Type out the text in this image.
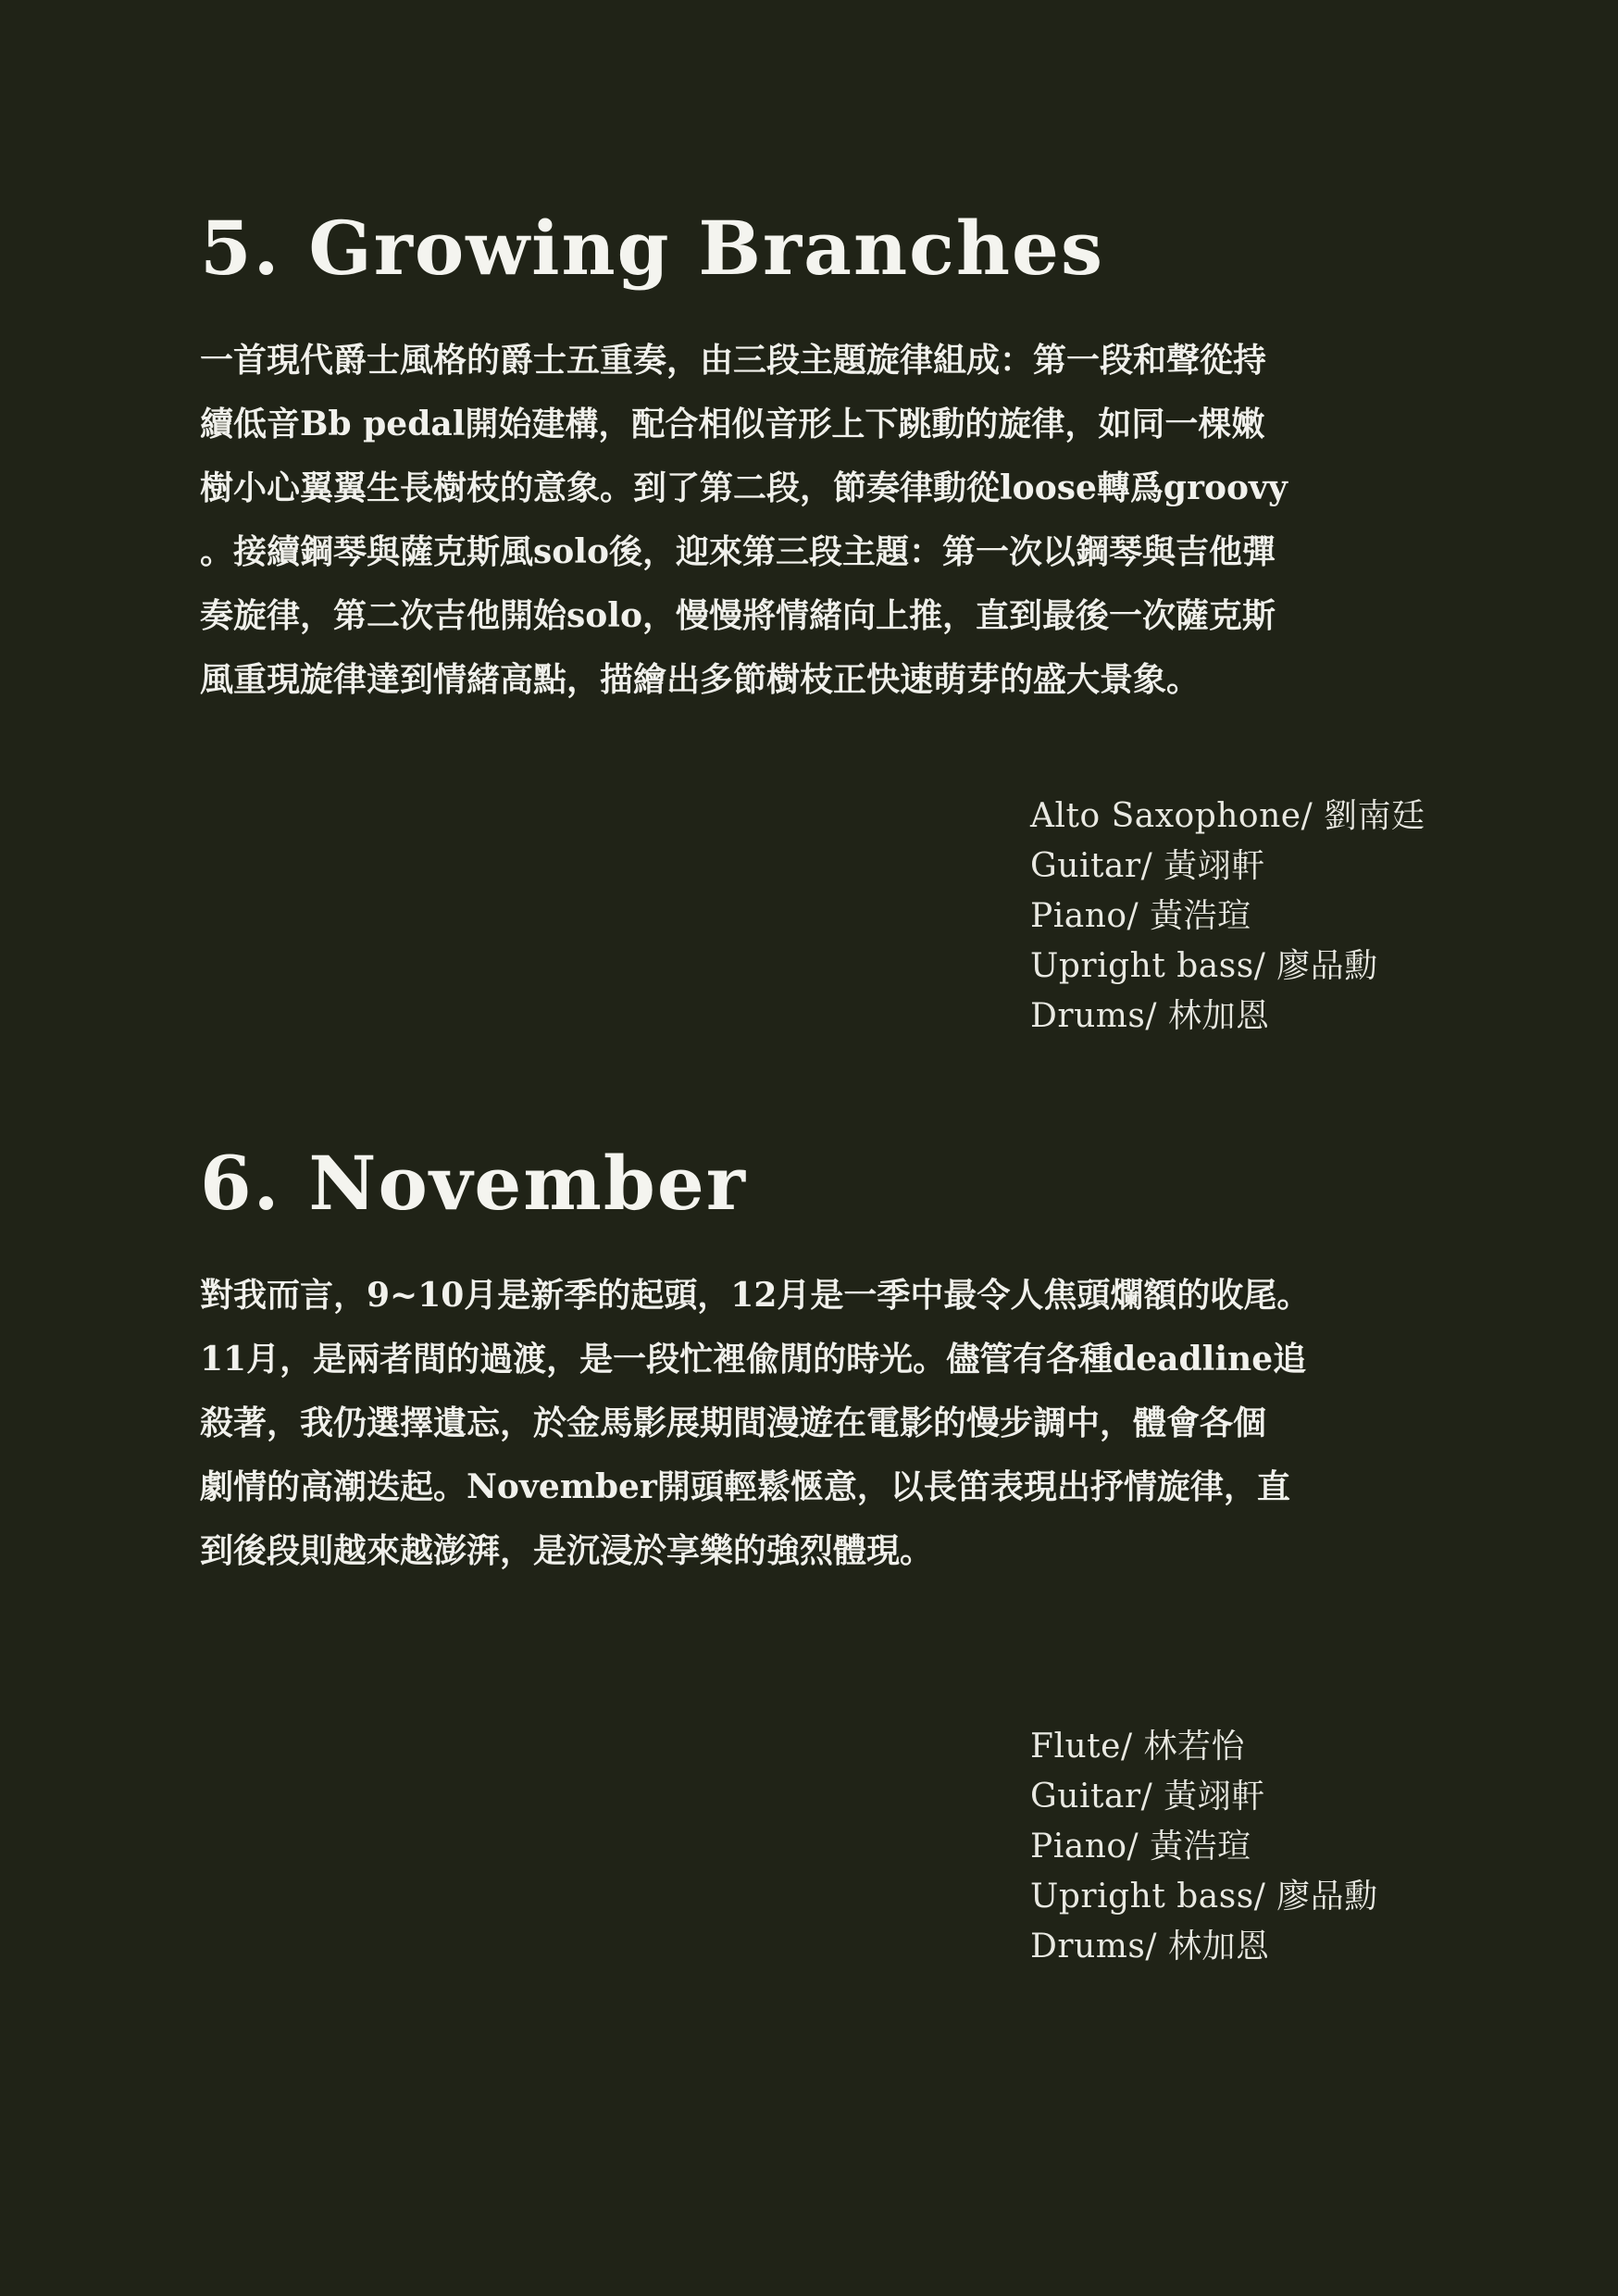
5. Growing Branches

一首現代爵士風格的爵士五重奏，由三段主題旋律組成：第一段和聲從持
續低音Bb pedal開始建構，配合相似音形上下跳動的旋律，如同一棵嫩
樹小心翼翼生長樹枝的意象。到了第二段，節奏律動從loose轉爲groovy
。接續鋼琴與薩克斯風solo後，迎來第三段主題：第一次以鋼琴與吉他彈
奏旋律，第二次吉他開始solo，慢慢將情緒向上推，直到最後一次薩克斯
風重現旋律達到情緒高點，描繪出多節樹枝正快速萌芽的盛大景象。

Alto Saxophone/ 劉南廷
Guitar/ 黃翊軒
Piano/ 黃浩瑄
Upright bass/ 廖品勳
Drums/ 林加恩
6. November

對我而言，9~10月是新季的起頭，12月是一季中最令人焦頭爛額的收尾。
11月，是兩者間的過渡，是一段忙裡偸閒的時光。儘管有各種deadline追
殺著，我仍選擇遺忘，於金馬影展期間漫遊在電影的慢步調中，體會各個
劇情的高潮迭起。November開頭輕鬆愜意，以長笛表現出抒情旋律，直
到後段則越來越澎湃，是沉浸於享樂的強烈體現。

Flute/ 林若怡
Guitar/ 黃翊軒
Piano/ 黃浩瑄
Upright bass/ 廖品勳
Drums/ 林加恩
